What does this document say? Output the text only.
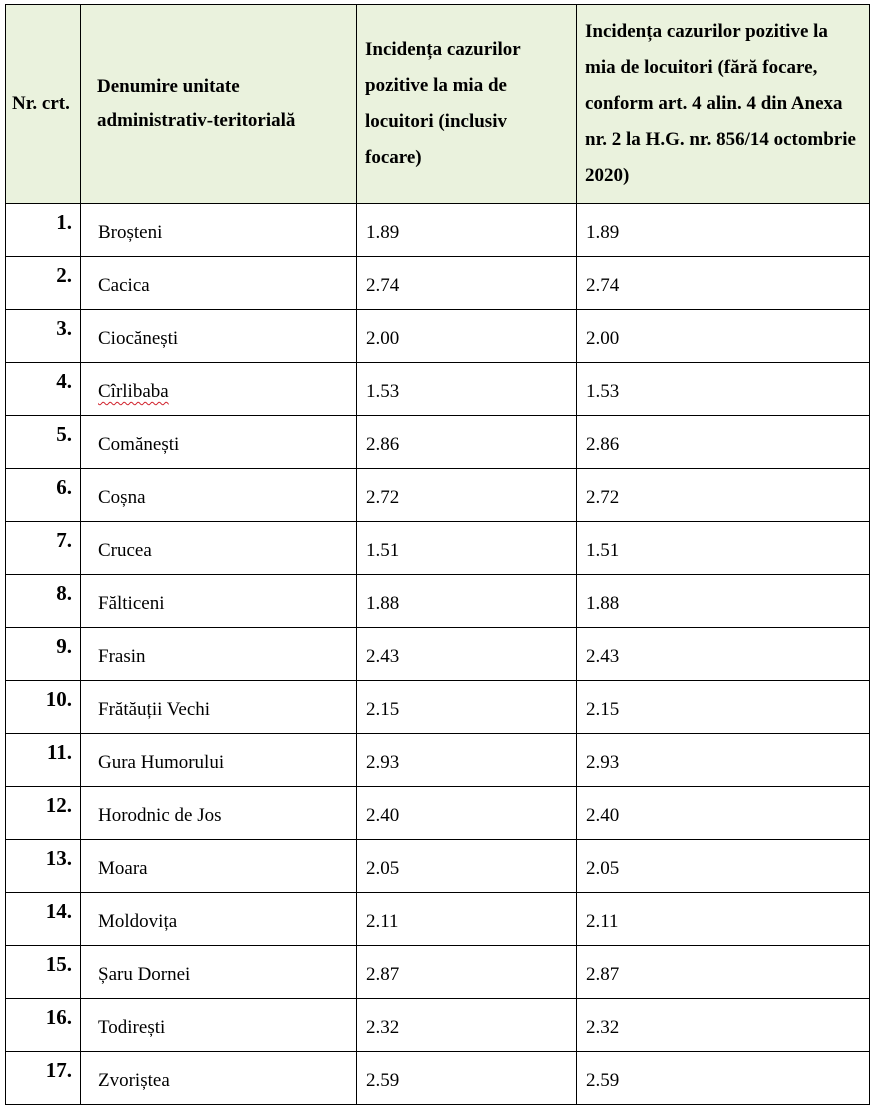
Nr. crt.	Denumire unitate administrativ-teritorială	Incidența cazurilor pozitive la mia de locuitori (inclusiv focare)	Incidența cazurilor pozitive la mia de locuitori (fără focare, conform art. 4 alin. 4 din Anexa nr. 2 la H.G. nr. 856/14 octombrie 2020)
1.	Broșteni	1.89	1.89
2.	Cacica	2.74	2.74
3.	Ciocănești	2.00	2.00
4.	Cîrlibaba	1.53	1.53
5.	Comănești	2.86	2.86
6.	Coșna	2.72	2.72
7.	Crucea	1.51	1.51
8.	Fălticeni	1.88	1.88
9.	Frasin	2.43	2.43
10.	Frătăuții Vechi	2.15	2.15
11.	Gura Humorului	2.93	2.93
12.	Horodnic de Jos	2.40	2.40
13.	Moara	2.05	2.05
14.	Moldovița	2.11	2.11
15.	Șaru Dornei	2.87	2.87
16.	Todirești	2.32	2.32
17.	Zvoriștea	2.59	2.59
